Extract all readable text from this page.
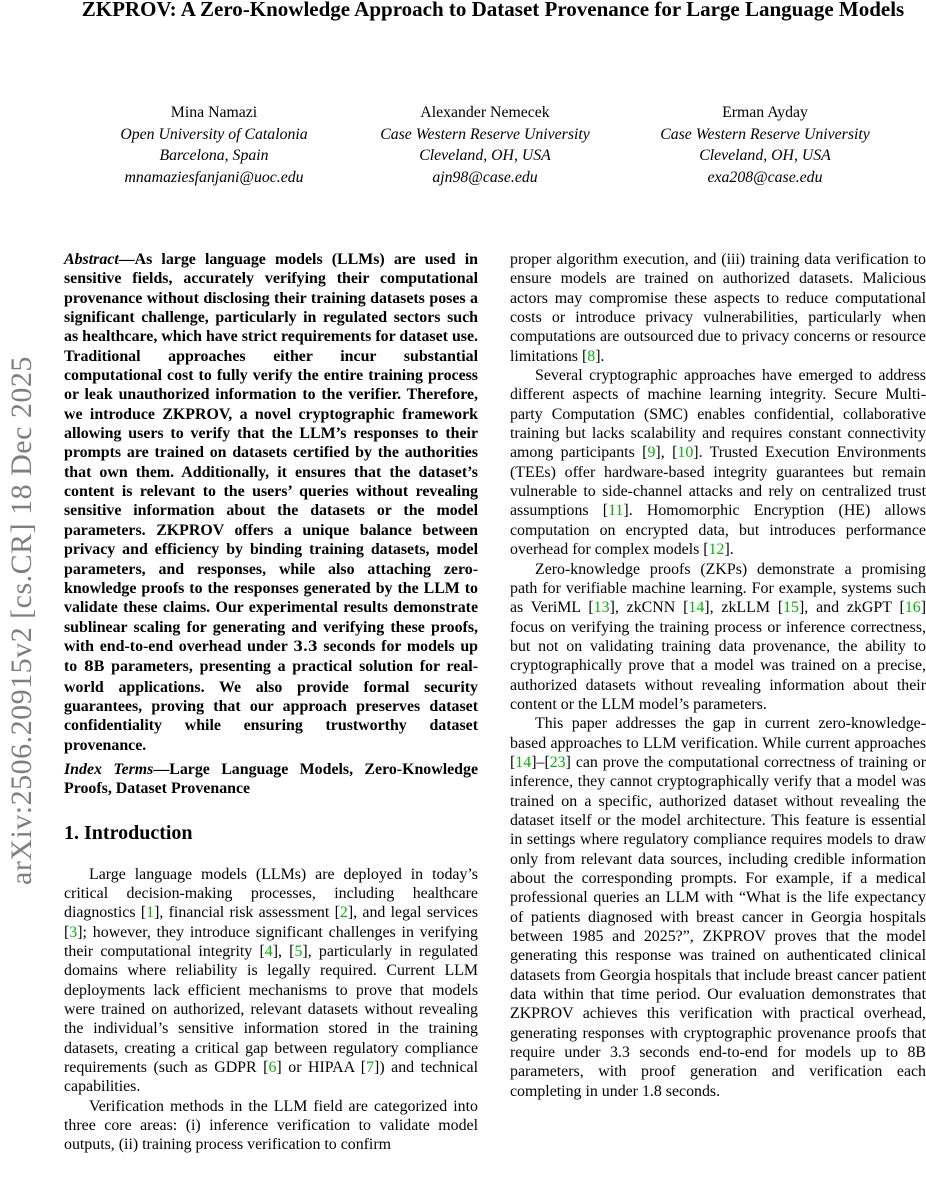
ZKPROV: A Zero-Knowledge Approach to Dataset Provenance for Large Language Models
Mina Namazi
Open University of Catalonia
Barcelona, Spain
mnamaziesfanjani@uoc.edu
Alexander Nemecek
Case Western Reserve University
Cleveland, OH, USA
ajn98@case.edu
Erman Ayday
Case Western Reserve University
Cleveland, OH, USA
exa208@case.edu
arXiv:2506.20915v2 [cs.CR] 18 Dec 2025

Abstract—As large language models (LLMs) are used in sensitive fields, accurately verifying their computational provenance without disclosing their training datasets poses a significant challenge, particularly in regulated sectors such as healthcare, which have strict requirements for dataset use. Traditional approaches either incur substantial computational cost to fully verify the entire training process or leak unauthorized information to the verifier. Therefore, we introduce ZKPROV, a novel cryptographic framework allowing users to verify that the LLM’s responses to their prompts are trained on datasets certified by the authorities that own them. Additionally, it ensures that the dataset’s content is relevant to the users’ queries without revealing sensitive information about the datasets or the model parameters. ZKPROV offers a unique balance between privacy and efficiency by binding training datasets, model parameters, and responses, while also attaching zero-knowledge proofs to the responses generated by the LLM to validate these claims. Our experimental results demonstrate sublinear scaling for generating and verifying these proofs, with end-to-end overhead under 3.3 seconds for models up to 8B parameters, presenting a practical solution for real-world applications. We also provide formal security guarantees, proving that our approach preserves dataset confidentiality while ensuring trustworthy dataset provenance.

Index Terms—Large Language Models, Zero-Knowledge Proofs, Dataset Provenance

1. Introduction

Large language models (LLMs) are deployed in today’s critical decision-making processes, including healthcare diagnostics [1], financial risk assessment [2], and legal services [3]; however, they introduce significant challenges in verifying their computational integrity [4], [5], particularly in regulated domains where reliability is legally required. Current LLM deployments lack efficient mechanisms to prove that models were trained on authorized, relevant datasets without revealing the individual’s sensitive information stored in the training datasets, creating a critical gap between regulatory compliance requirements (such as GDPR [6] or HIPAA [7]) and technical capabilities.

Verification methods in the LLM field are categorized into three core areas: (i) inference verification to validate model outputs, (ii) training process verification to confirm

proper algorithm execution, and (iii) training data verification to ensure models are trained on authorized datasets. Malicious actors may compromise these aspects to reduce computational costs or introduce privacy vulnerabilities, particularly when computations are outsourced due to privacy concerns or resource limitations [8].

Several cryptographic approaches have emerged to address different aspects of machine learning integrity. Secure Multi-party Computation (SMC) enables confidential, collaborative training but lacks scalability and requires constant connectivity among participants [9], [10]. Trusted Execution Environments (TEEs) offer hardware-based integrity guarantees but remain vulnerable to side-channel attacks and rely on centralized trust assumptions [11]. Homomorphic Encryption (HE) allows computation on encrypted data, but introduces performance overhead for complex models [12].

Zero-knowledge proofs (ZKPs) demonstrate a promising path for verifiable machine learning. For example, systems such as VeriML [13], zkCNN [14], zkLLM [15], and zkGPT [16] focus on verifying the training process or inference correctness, but not on validating training data provenance, the ability to cryptographically prove that a model was trained on a precise, authorized datasets without revealing information about their content or the LLM model’s parameters.

This paper addresses the gap in current zero-knowledge-based approaches to LLM verification. While current approaches [14]–[23] can prove the computational correctness of training or inference, they cannot cryptographically verify that a model was trained on a specific, authorized dataset without revealing the dataset itself or the model architecture. This feature is essential in settings where regulatory compliance requires models to draw only from relevant data sources, including credible information about the corresponding prompts. For example, if a medical professional queries an LLM with “What is the life expectancy of patients diagnosed with breast cancer in Georgia hospitals between 1985 and 2025?”, ZKPROV proves that the model generating this response was trained on authenticated clinical datasets from Georgia hospitals that include breast cancer patient data within that time period. Our evaluation demonstrates that ZKPROV achieves this verification with practical overhead, generating responses with cryptographic provenance proofs that require under 3.3 seconds end-to-end for models up to 8B parameters, with proof generation and verification each completing in under 1.8 seconds.
